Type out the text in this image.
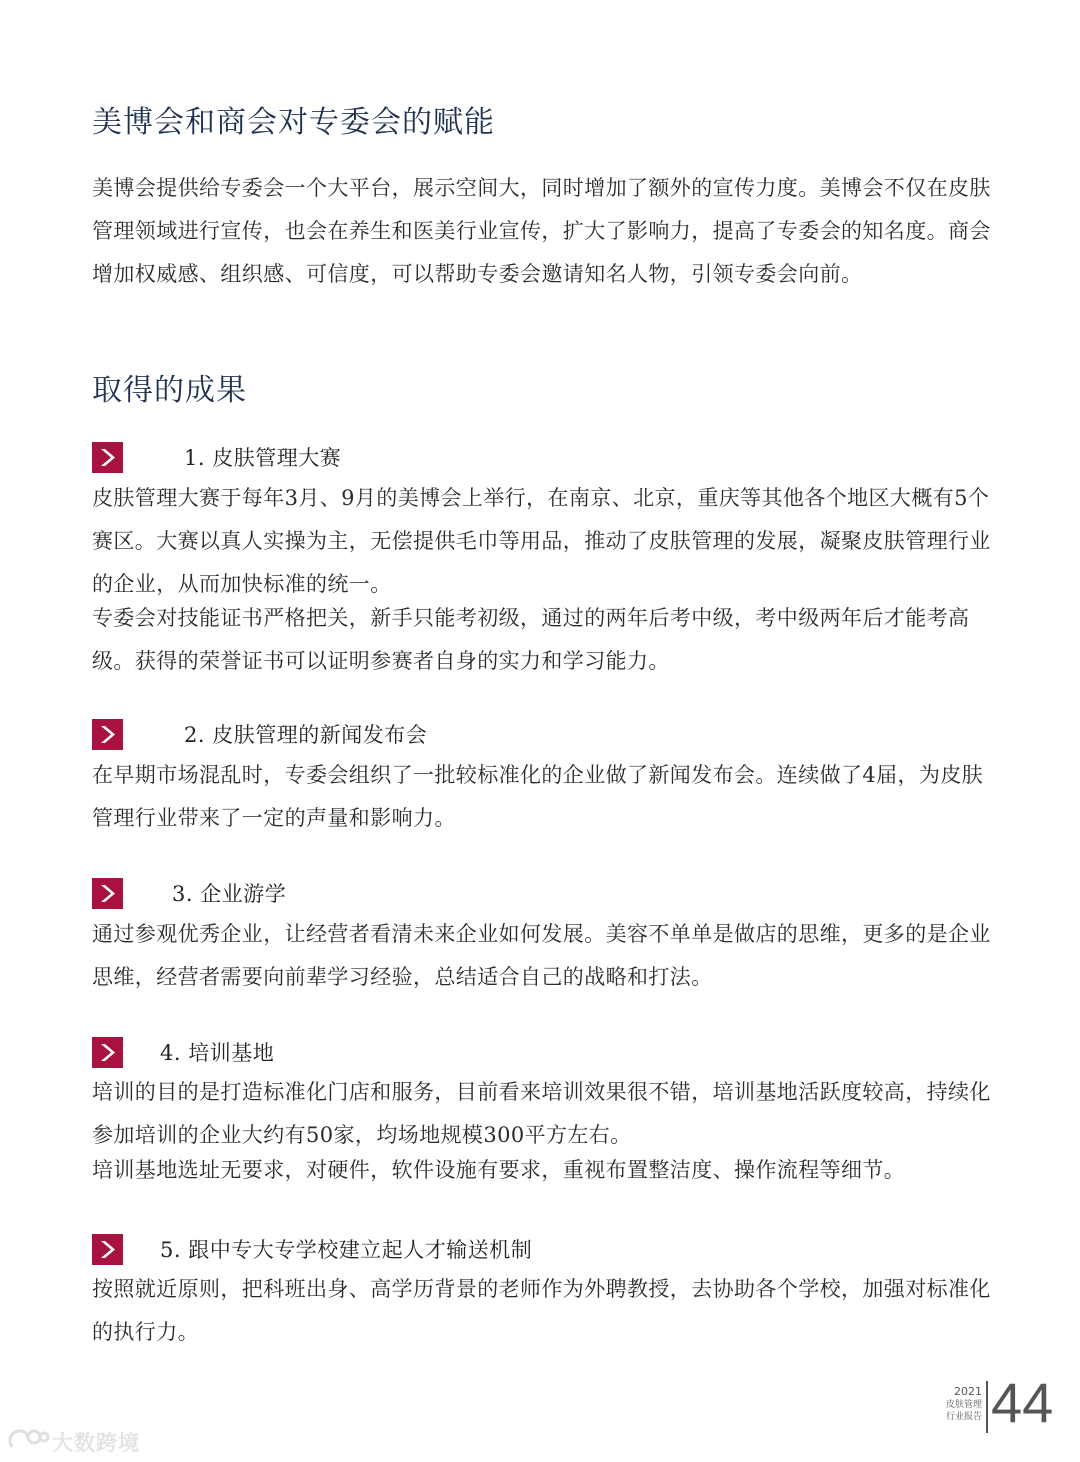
美博会和商会对专委会的赋能

美博会提供给专委会一个大平台，展示空间大，同时增加了额外的宣传力度。美博会不仅在皮肤管理领域进行宣传，也会在养生和医美行业宣传，扩大了影响力，提高了专委会的知名度。商会增加权威感、组织感、可信度，可以帮助专委会邀请知名人物，引领专委会向前。

取得的成果
1. 皮肤管理大赛

皮肤管理大赛于每年3月、9月的美博会上举行，在南京、北京，重庆等其他各个地区大概有5个赛区。大赛以真人实操为主，无偿提供毛巾等用品，推动了皮肤管理的发展，凝聚皮肤管理行业的企业，从而加快标准的统一。

专委会对技能证书严格把关，新手只能考初级，通过的两年后考中级，考中级两年后才能考高级。获得的荣誉证书可以证明参赛者自身的实力和学习能力。

2. 皮肤管理的新闻发布会

在早期市场混乱时，专委会组织了一批较标准化的企业做了新闻发布会。连续做了4届，为皮肤管理行业带来了一定的声量和影响力。

3. 企业游学

通过参观优秀企业，让经营者看清未来企业如何发展。美容不单单是做店的思维，更多的是企业思维，经营者需要向前辈学习经验，总结适合自己的战略和打法。

4. 培训基地

培训的目的是打造标准化门店和服务，目前看来培训效果很不错，培训基地活跃度较高，持续化参加培训的企业大约有50家，均场地规模300平方左右。

培训基地选址无要求，对硬件，软件设施有要求，重视布置整洁度、操作流程等细节。

5. 跟中专大专学校建立起人才输送机制

按照就近原则，把科班出身、高学历背景的老师作为外聘教授，去协助各个学校，加强对标准化的执行力。

2021
皮肤管理
行业报告 44
大数跨境
